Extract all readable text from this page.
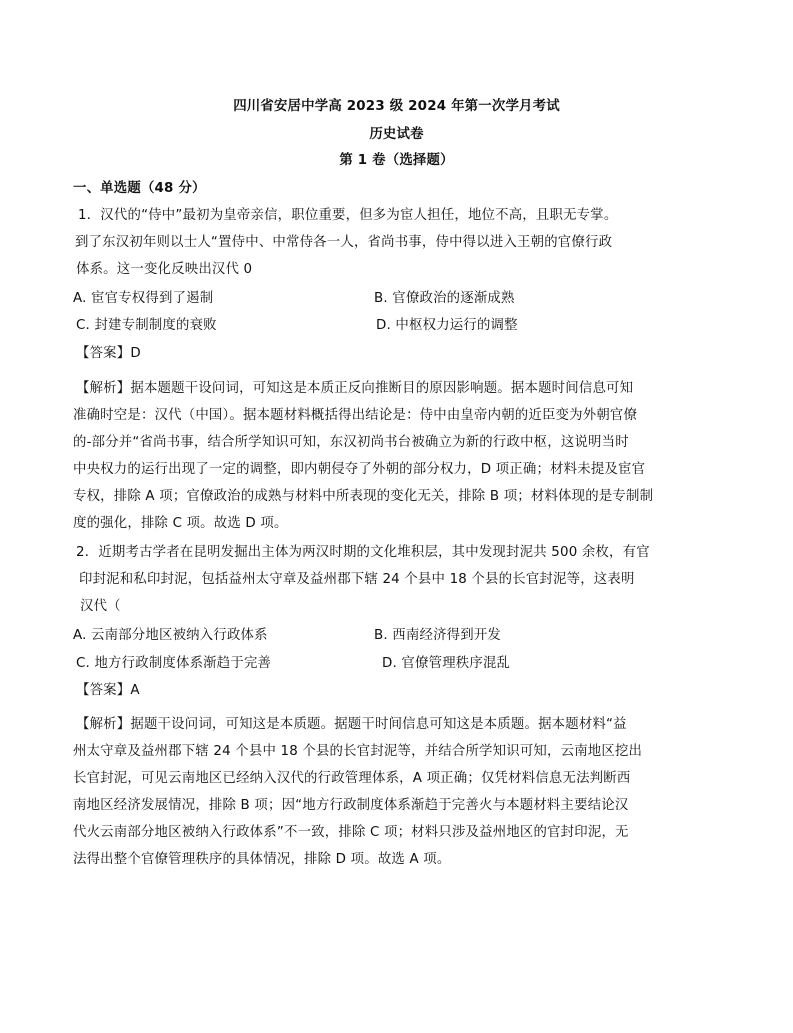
四川省安居中学高 2023 级 2024 年第一次学月考试
历史试卷
第 1 卷（选择题）
一、单选题（48 分）
1．汉代的“侍中”最初为皇帝亲信，职位重要，但多为宦人担任，地位不高，且职无专掌。
到了东汉初年则以士人“置侍中、中常侍各一人，省尚书事，侍中得以进入王朝的官僚行政
体系。这一变化反映出汉代 0
A. 宦官专权得到了遏制	B. 官僚政治的逐渐成熟
C. 封建专制制度的衰败	D. 中枢权力运行的调整
【答案】D
【解析】据本题题干设问词，可知这是本质正反向推断目的原因影响题。据本题时间信息可知
准确时空是：汉代（中国）。据本题材料概括得出结论是：侍中由皇帝内朝的近臣变为外朝官僚
的-部分并“省尚书事，结合所学知识可知，东汉初尚书台被确立为新的行政中枢，这说明当时
中央权力的运行出现了一定的调整，即内朝侵夺了外朝的部分权力，D 项正确；材料未提及宦官
专权，排除 A 项；官僚政治的成熟与材料中所表现的变化无关，排除 B 项；材料体现的是专制制
度的强化，排除 C 项。故选 D 项。
2．近期考古学者在昆明发掘出主体为两汉时期的文化堆积层，其中发现封泥共 500 余枚，有官
印封泥和私印封泥，包括益州太守章及益州郡下辖 24 个县中 18 个县的长官封泥等，这表明
汉代（
A. 云南部分地区被纳入行政体系	B. 西南经济得到开发
C. 地方行政制度体系渐趋于完善	D. 官僚管理秩序混乱
【答案】A
【解析】据题干设问词，可知这是本质题。据题干时间信息可知这是本质题。据本题材料“益
州太守章及益州郡下辖 24 个县中 18 个县的长官封泥等，并结合所学知识可知，云南地区挖出
长官封泥，可见云南地区已经纳入汉代的行政管理体系，A 项正确；仅凭材料信息无法判断西
南地区经济发展情况，排除 B 项；因“地方行政制度体系渐趋于完善火与本题材料主要结论汉
代火云南部分地区被纳入行政体系”不一致，排除 C 项；材料只涉及益州地区的官封印泥，无
法得出整个官僚管理秩序的具体情况，排除 D 项。故选 A 项。
